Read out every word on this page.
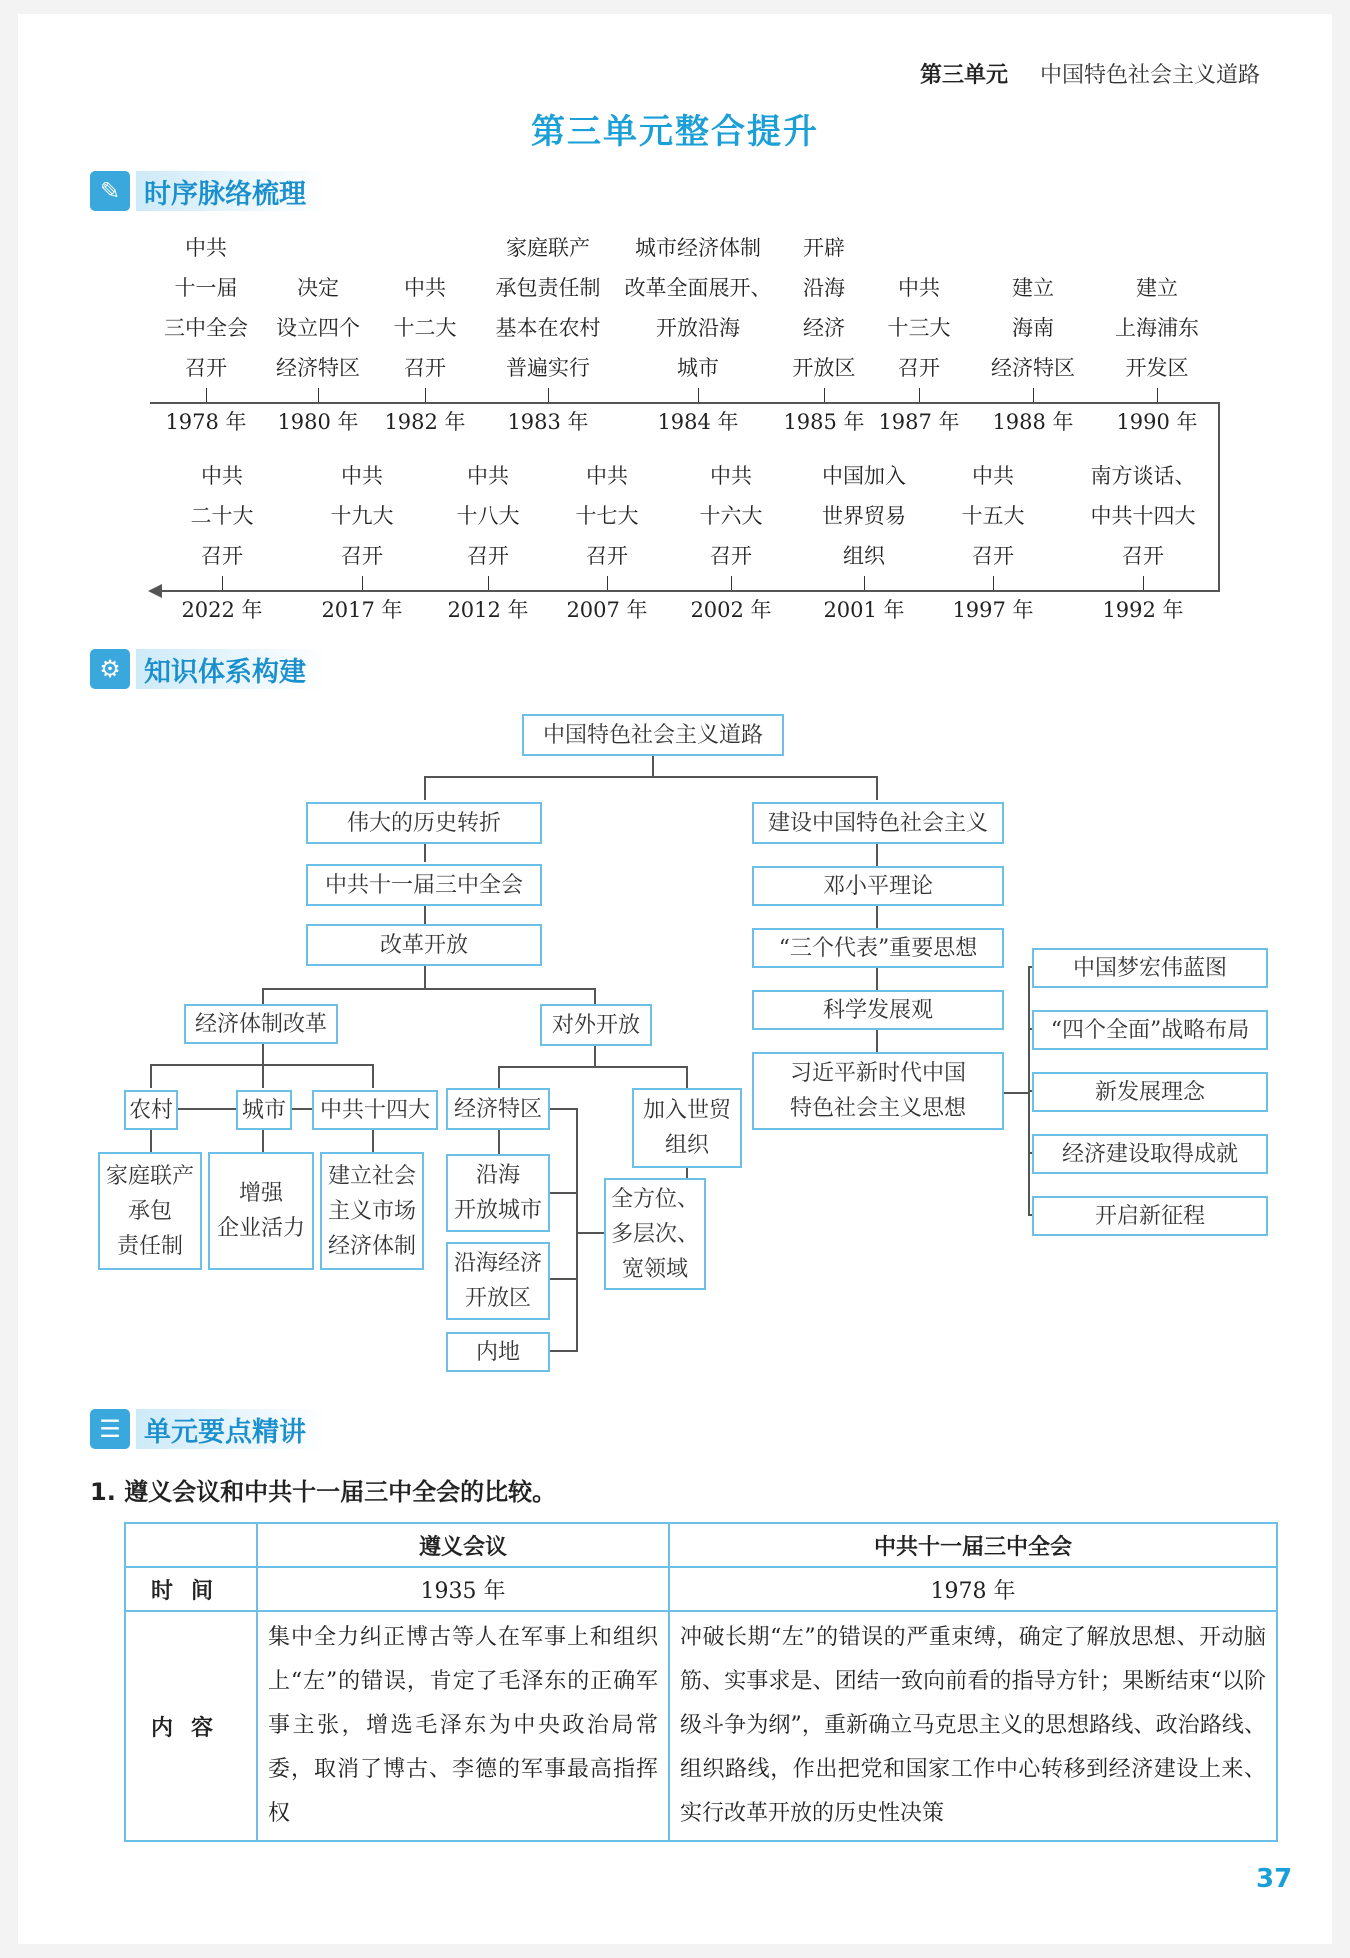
第三单元 中国特色社会主义道路
第三单元整合提升
✎ 时序脉络梳理
中共
十一届
三中全会
召开
1978 年
决定
设立四个
经济特区
1980 年
中共
十二大
召开
1982 年
家庭联产
承包责任制
基本在农村
普遍实行
1983 年
城市经济体制
改革全面展开、
开放沿海
城市
1984 年
开辟
沿海
经济
开放区
1985 年
中共
十三大
召开
1987 年
建立
海南
经济特区
1988 年
建立
上海浦东
开发区
1990 年
中共
二十大
召开
2022 年
中共
十九大
召开
2017 年
中共
十八大
召开
2012 年
中共
十七大
召开
2007 年
中共
十六大
召开
2002 年
中国加入
世界贸易
组织
2001 年
中共
十五大
召开
1997 年
南方谈话、
中共十四大
召开
1992 年
⚙ 知识体系构建
中国特色社会主义道路
伟大的历史转折
中共十一届三中全会
改革开放
经济体制改革	对外开放
农村	城市	中共十四大
家庭联产
承包
责任制
增强
企业活力
建立社会
主义市场
经济体制
经济特区	加入世贸
组织
沿海
开放城市
沿海经济
开放区
内地
全方位、
多层次、
宽领域
建设中国特色社会主义
邓小平理论
“三个代表”重要思想
科学发展观
习近平新时代中国
特色社会主义思想
中国梦宏伟蓝图
“四个全面”战略布局
新发展理念
经济建设取得成就
开启新征程
☰ 单元要点精讲
1. 遵义会议和中共十一届三中全会的比较。
	遵义会议	中共十一届三中全会
时间	1935 年	1978 年
内容	集中全力纠正博古等人在军事上和组织上“左”的错误，肯定了毛泽东的正确军事主张，增选毛泽东为中央政治局常委，取消了博古、李德的军事最高指挥权	冲破长期“左”的错误的严重束缚，确定了解放思想、开动脑筋、实事求是、团结一致向前看的指导方针；果断结束“以阶级斗争为纲”，重新确立马克思主义的思想路线、政治路线、组织路线，作出把党和国家工作中心转移到经济建设上来、实行改革开放的历史性决策
37
